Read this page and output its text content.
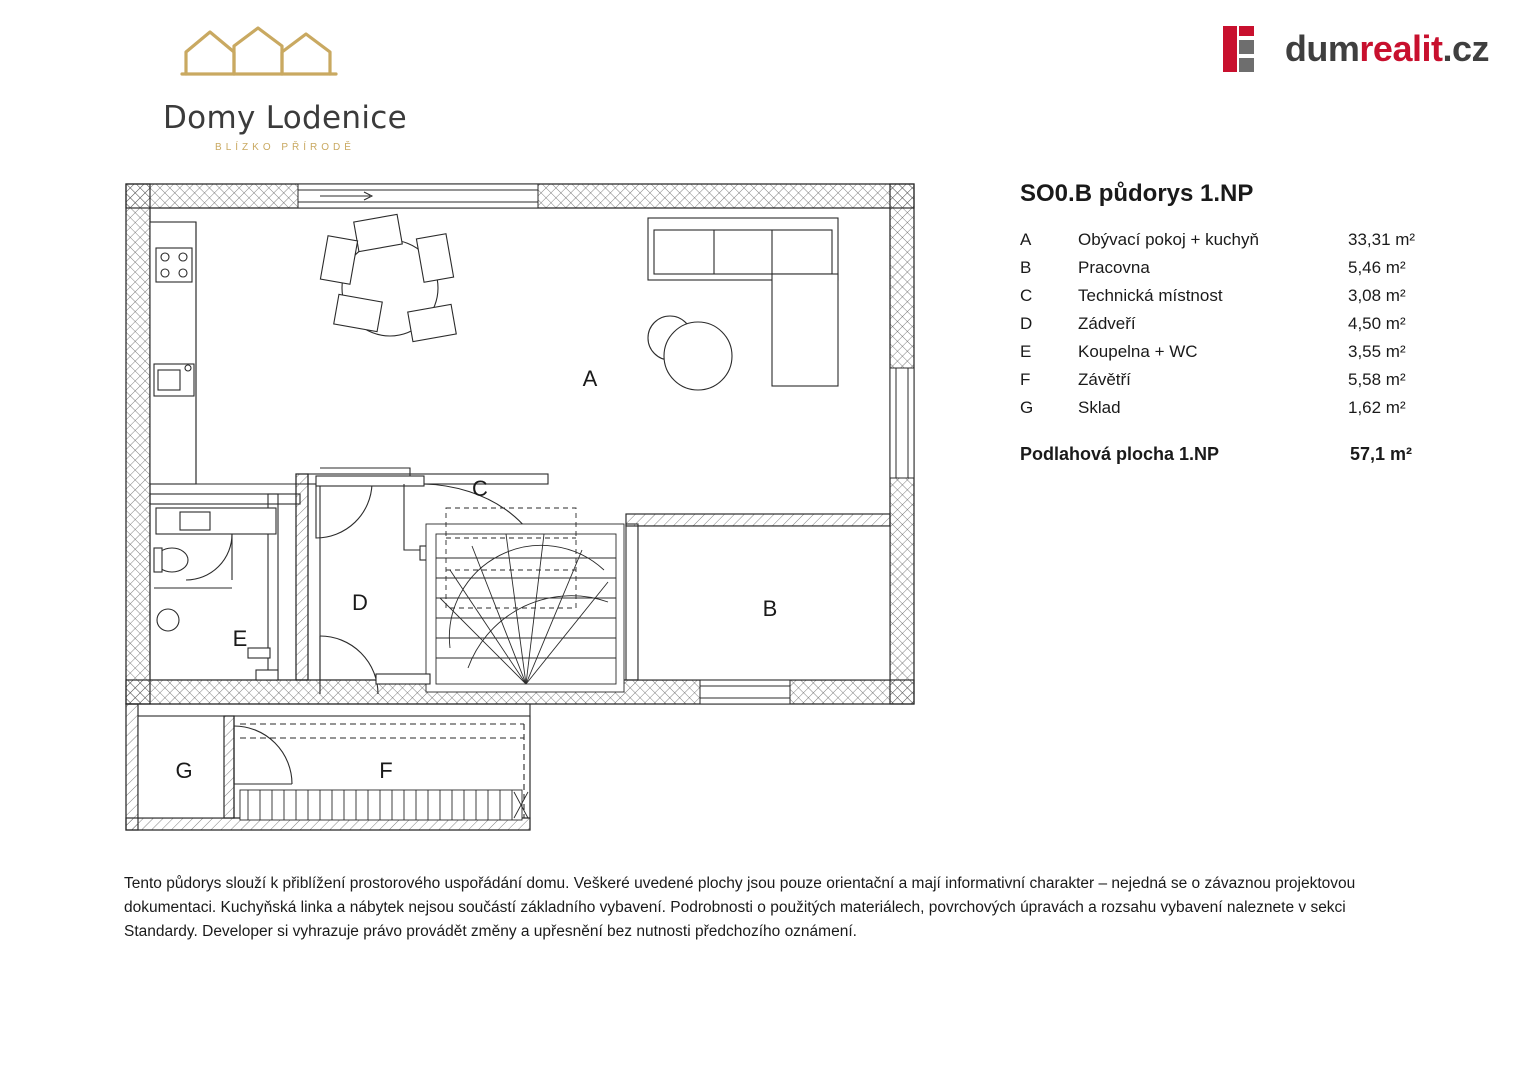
Domy Lodenice
BLÍZKO PŘÍRODĚ
dumrealit.cz
SO0.B půdorys 1.NP
A	Obývací pokoj + kuchyň	33,31 m²
B	Pracovna	5,46 m²
C	Technická místnost	3,08 m²
D	Zádveří	4,50 m²
E	Koupelna + WC	3,55 m²
F	Závětří	5,58 m²
G	Sklad	1,62 m²
Podlahová plocha 1.NP	57,1 m²
A
B
C
D
E
F
G
Tento půdorys slouží k přiblížení prostorového uspořádání domu. Veškeré uvedené plochy jsou pouze orientační a mají informativní charakter – nejedná se o závaznou projektovou dokumentaci. Kuchyňská linka a nábytek nejsou součástí základního vybavení. Podrobnosti o použitých materiálech, povrchových úpravách a rozsahu vybavení naleznete v sekci Standardy. Developer si vyhrazuje právo provádět změny a upřesnění bez nutnosti předchozího oznámení.
